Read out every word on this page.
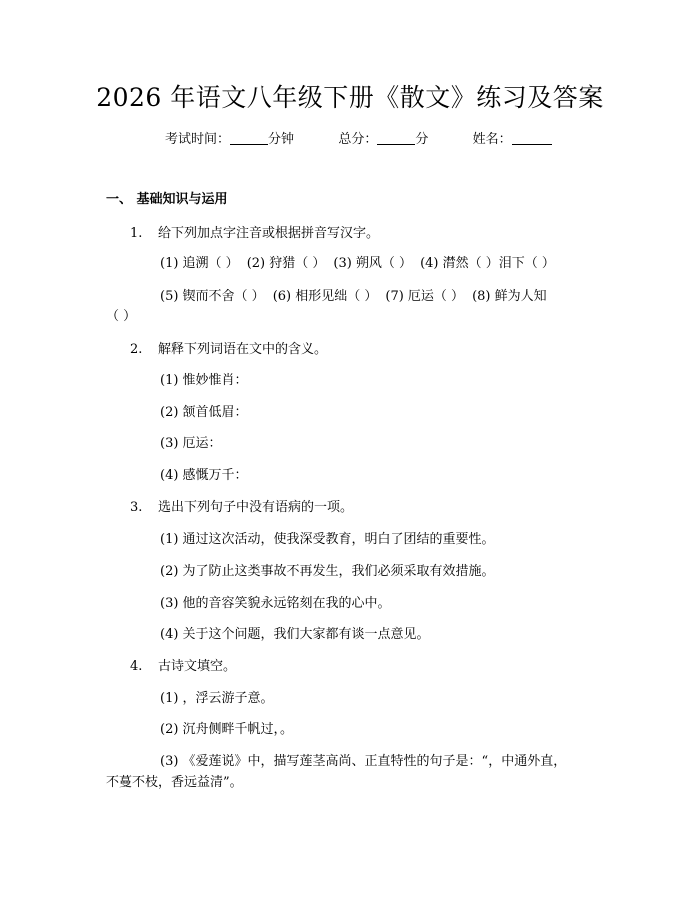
2026 年语文八年级下册《散文》练习及答案
考试时间：	分钟	总分：	分	姓名：
一、 基础知识与运用
1. 给下列加点字注音或根据拼音写汉字。
(1) 追溯（ ） (2) 狩猎（ ） (3) 朔风（ ） (4) 潸然（ ）泪下（ ）
(5) 锲而不舍（ ） (6) 相形见绌（ ） (7) 厄运（ ） (8) 鲜为人知
（ ）
2. 解释下列词语在文中的含义。
(1) 惟妙惟肖：
(2) 颔首低眉：
(3) 厄运：
(4) 感慨万千：
3. 选出下列句子中没有语病的一项。
(1) 通过这次活动，使我深受教育，明白了团结的重要性。
(2) 为了防止这类事故不再发生，我们必须采取有效措施。
(3) 他的音容笑貌永远铭刻在我的心中。
(4) 关于这个问题，我们大家都有谈一点意见。
4. 古诗文填空。
(1) ，浮云游子意。
(2) 沉舟侧畔千帆过，。
(3) 《爱莲说》中，描写莲茎高尚、正直特性的句子是：“，中通外直，
不蔓不枝，香远益清”。
